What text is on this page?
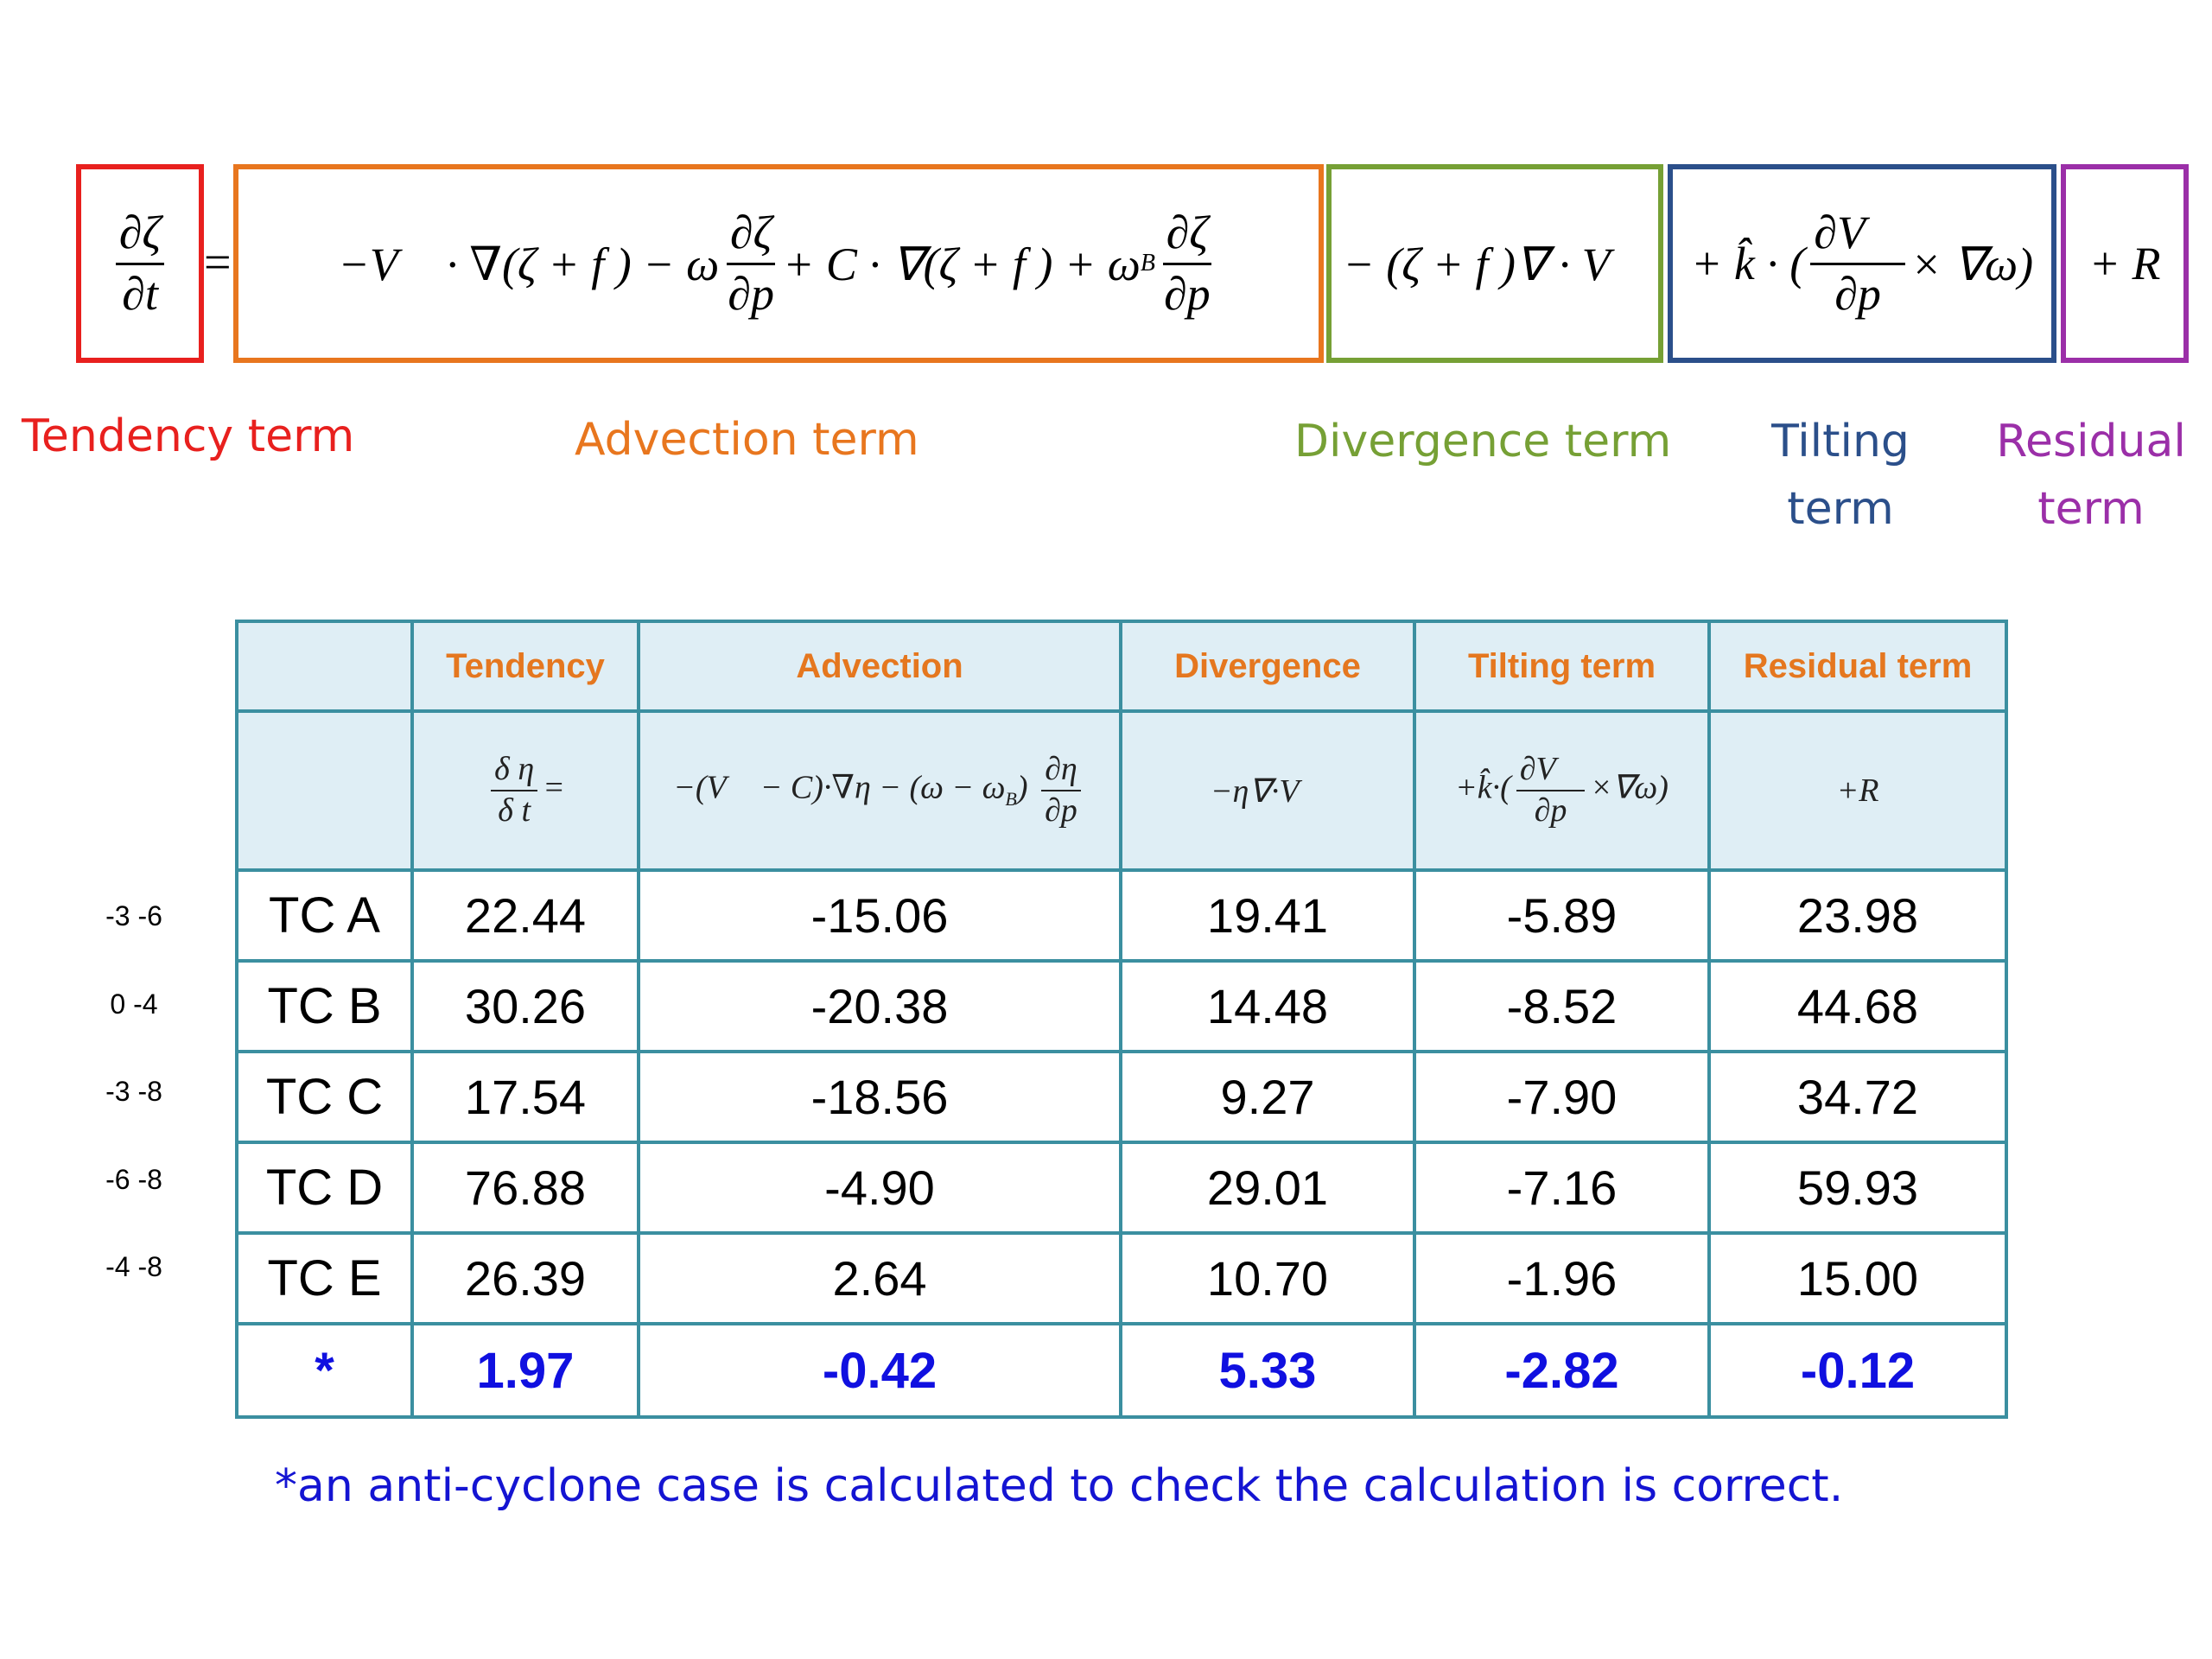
$\frac{\partial\zeta}{\partial t}$ = −V⃗ · ∇(ζ + f ) − ω $\frac{\partial\zeta}{\partial p} + C \cdot \nabla(\zeta + f$ ) + ω B $\frac{\partial\zeta}{\partial p}$	− (ζ + f )∇ · V⃗ + k̂ · ( $\frac{\partial V⃗}{\partial p} \times \nabla\omega) + R$
Tendency term	Advection term	Divergence term	Tilting
term
Residual
term
-3 -6
0 -4
-3 -8
-6 -8
-4 -8
	Tendency	Advection	Divergence	Tilting term	Residual term

	$\frac{\text{δ η}}{\text{δ t}}$ =	−(V⃗ − $C)\cdot\nabla\eta - (\omega - \omega_B) \frac{\partial\eta}{\partial p}$	−η∇·V⃗	+k̂·( $\frac{\partial V⃗}{\partial p} \times\nabla\omega$)	+R
TC A	22.44	-15.06	19.41	-5.89	23.98
TC B	30.26	-20.38	14.48	-8.52	44.68
TC C	17.54	-18.56	9.27	-7.90	34.72
TC D	76.88	-4.90	29.01	-7.16	59.93
TC E	26.39	2.64	10.70	-1.96	15.00
*	1.97	-0.42	5.33	-2.82	-0.12
*an anti-cyclone case is calculated to check the calculation is correct.
